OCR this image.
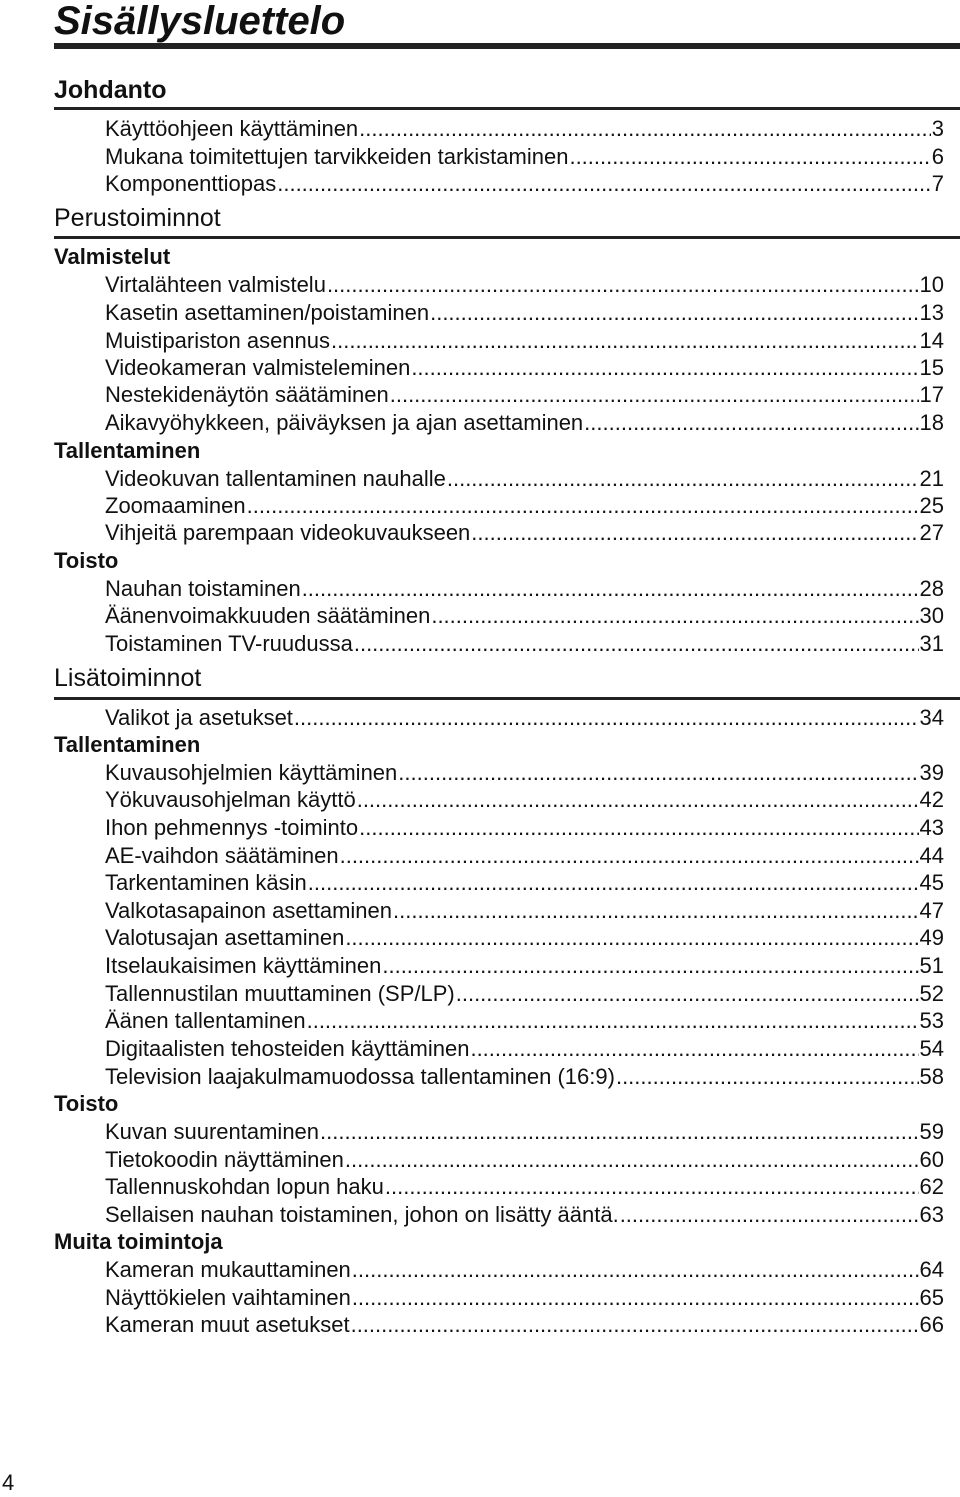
Sisällysluettelo
Johdanto
Käyttöohjeen käyttäminen .....	3
Mukana toimitettujen tarvikkeiden tarkistaminen .....	6
Komponenttiopas .....	7
Perustoiminnot
Valmistelut
Virtalähteen valmistelu .....	10
Kasetin asettaminen/poistaminen .....	13
Muistipariston asennus .....	14
Videokameran valmisteleminen .....	15
Nestekidenäytön säätäminen .....	17
Aikavyöhykkeen, päiväyksen ja ajan asettaminen .....	18
Tallentaminen
Videokuvan tallentaminen nauhalle .....	21
Zoomaaminen .....	25
Vihjeitä parempaan videokuvaukseen .....	27
Toisto
Nauhan toistaminen .....	28
Äänenvoimakkuuden säätäminen .....	30
Toistaminen TV-ruudussa .....	31
Lisätoiminnot
Valikot ja asetukset .....	34
Tallentaminen
Kuvausohjelmien käyttäminen .....	39
Yökuvausohjelman käyttö .....	42
Ihon pehmennys -toiminto .....	43
AE-vaihdon säätäminen .....	44
Tarkentaminen käsin .....	45
Valkotasapainon asettaminen .....	47
Valotusajan asettaminen .....	49
Itselaukaisimen käyttäminen .....	51
Tallennustilan muuttaminen (SP/LP) .....	52
Äänen tallentaminen .....	53
Digitaalisten tehosteiden käyttäminen .....	54
Television laajakulmamuodossa tallentaminen (16:9) .....	58
Toisto
Kuvan suurentaminen .....	59
Tietokoodin näyttäminen .....	60
Tallennuskohdan lopun haku .....	62
Sellaisen nauhan toistaminen, johon on lisätty ääntä. .....	63
Muita toimintoja
Kameran mukauttaminen .....	64
Näyttökielen vaihtaminen .....	65
Kameran muut asetukset .....	66
4
